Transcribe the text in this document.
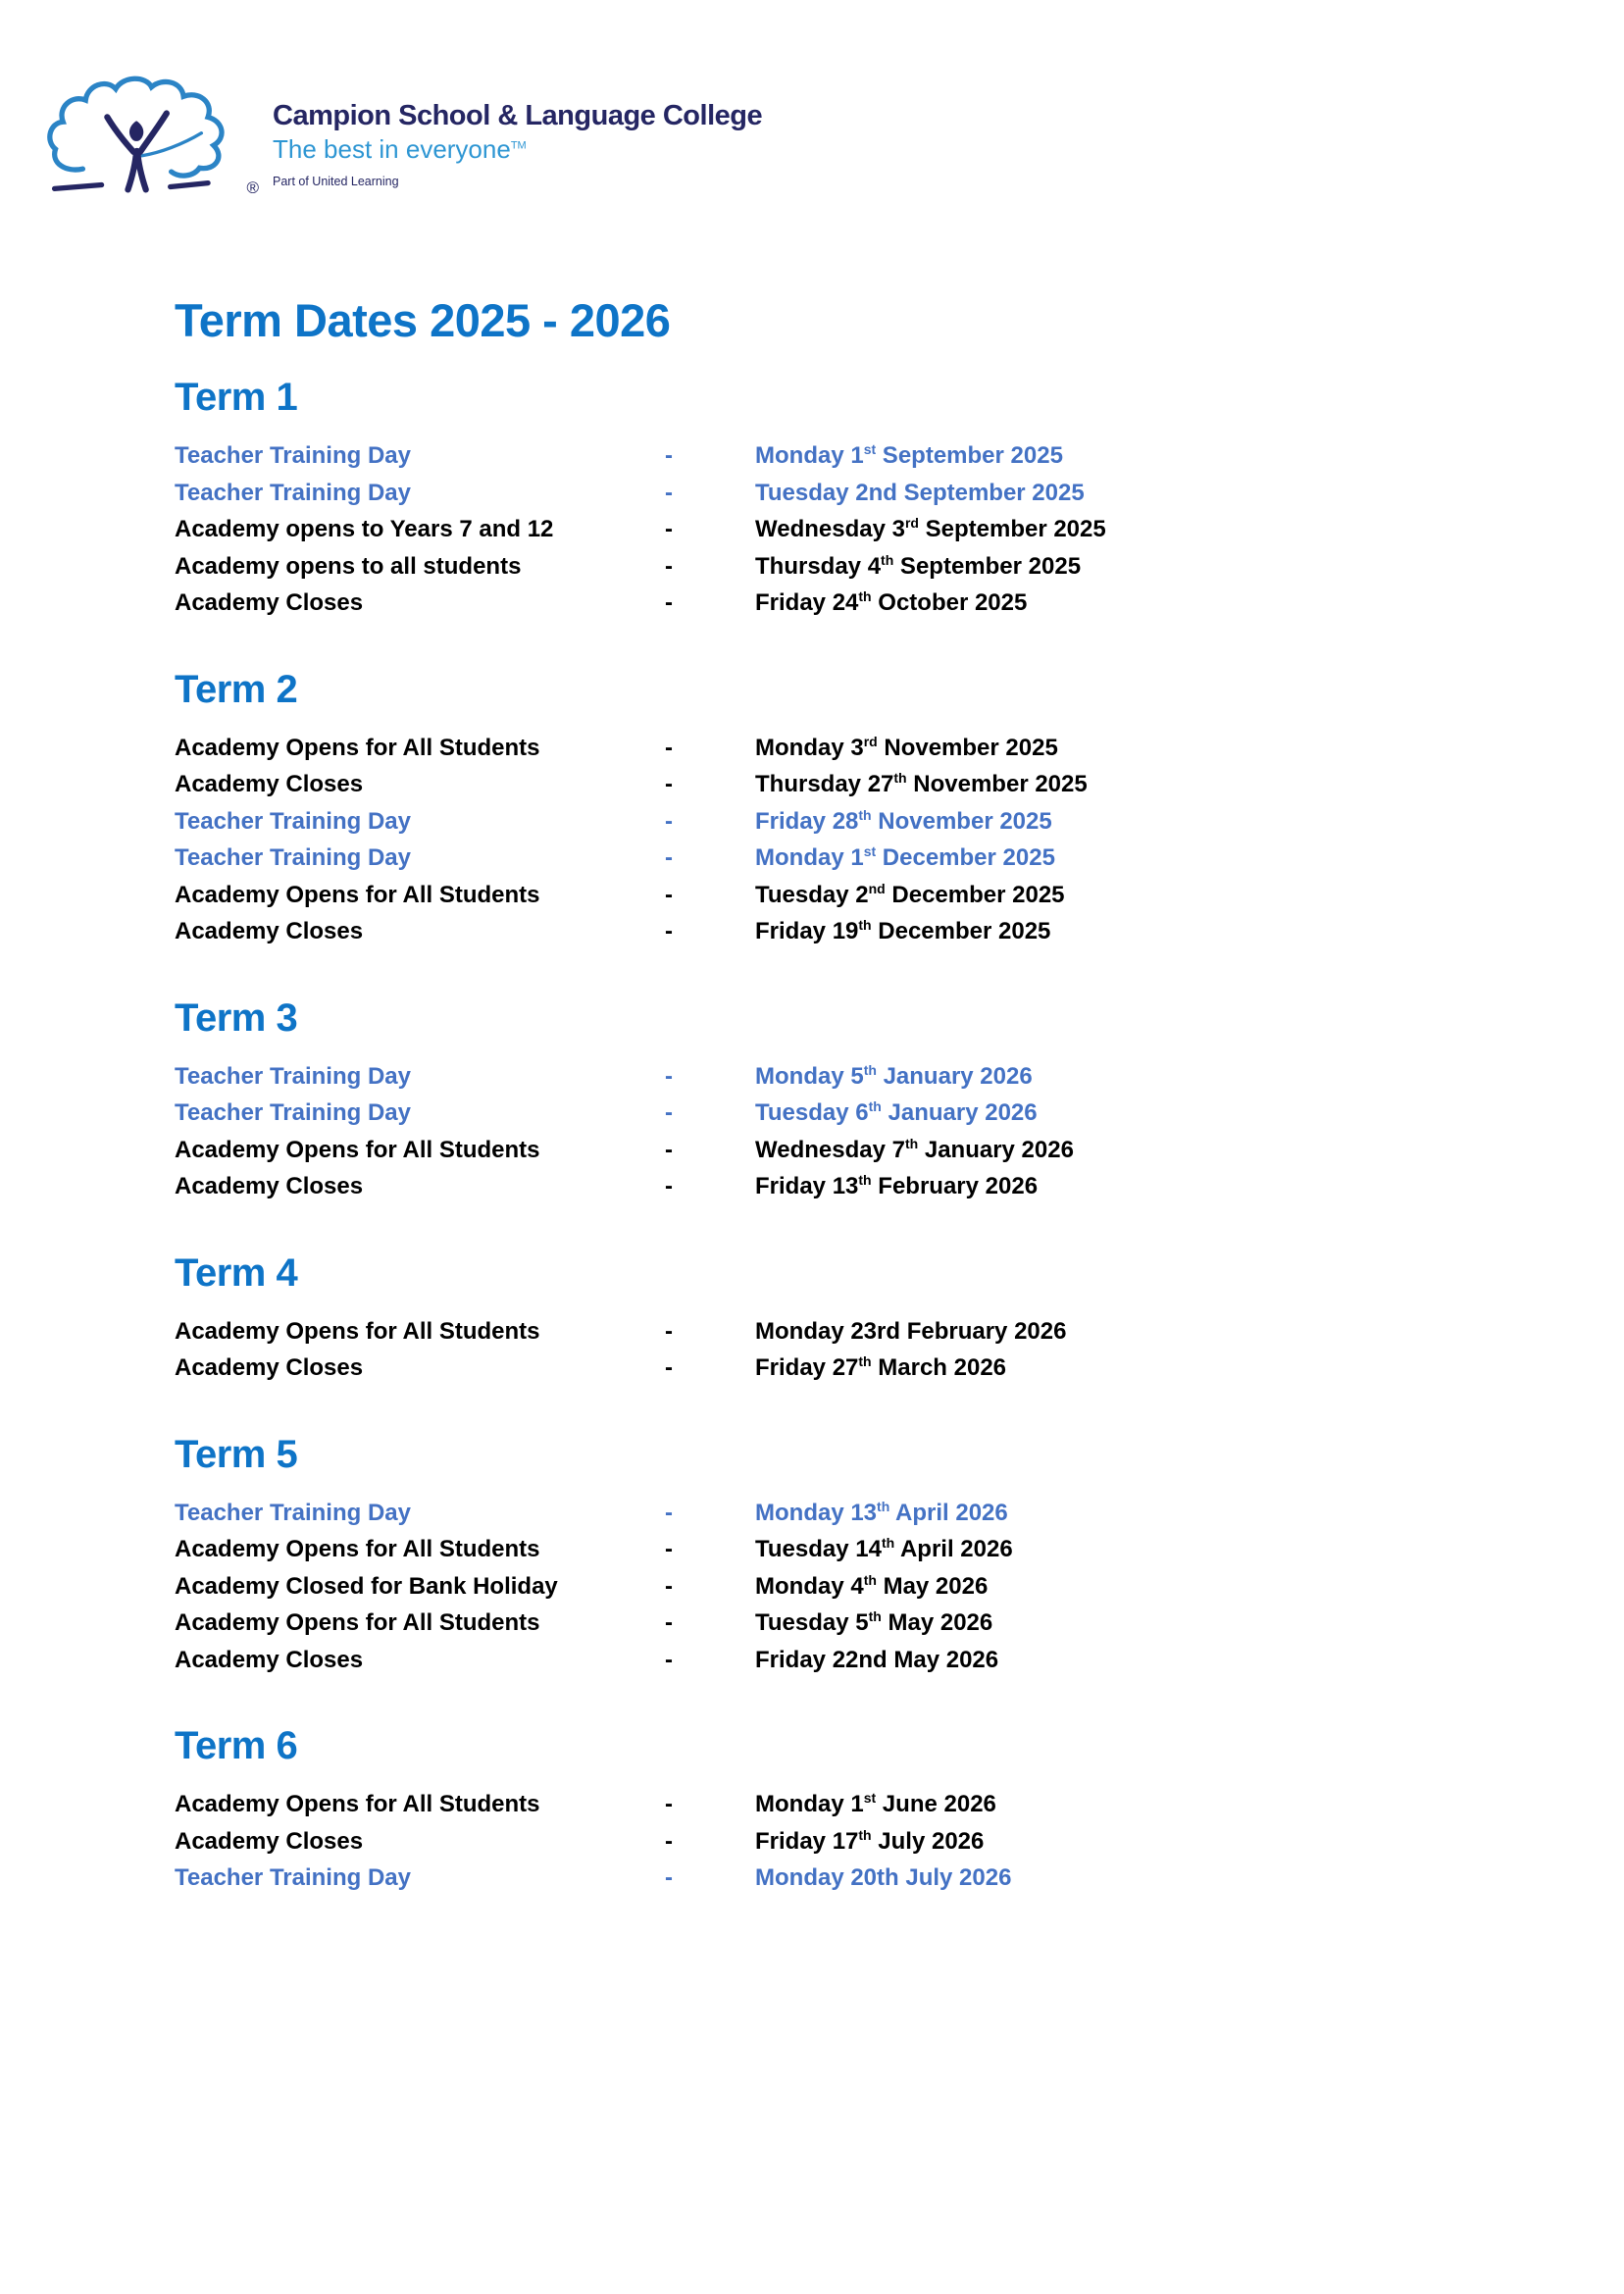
®
Campion School & Language College
The best in everyone™
Part of United Learning
Term Dates 2025 - 2026
Term 1
Teacher Training Day	-	Monday 1st September 2025
Teacher Training Day	-	Tuesday 2nd September 2025
Academy opens to Years 7 and 12	-	Wednesday 3rd September 2025
Academy opens to all students	-	Thursday 4th September 2025
Academy Closes	-	Friday 24th October 2025
Term 2
Academy Opens for All Students	-	Monday 3rd November 2025
Academy Closes	-	Thursday 27th November 2025
Teacher Training Day	-	Friday 28th November 2025
Teacher Training Day	-	Monday 1st December 2025
Academy Opens for All Students	-	Tuesday 2nd December 2025
Academy Closes	-	Friday 19th December 2025
Term 3
Teacher Training Day	-	Monday 5th January 2026
Teacher Training Day	-	Tuesday 6th January 2026
Academy Opens for All Students	-	Wednesday 7th January 2026
Academy Closes	-	Friday 13th February 2026
Term 4
Academy Opens for All Students	-	Monday 23rd February 2026
Academy Closes	-	Friday 27th March 2026
Term 5
Teacher Training Day	-	Monday 13th April 2026
Academy Opens for All Students	-	Tuesday 14th April 2026
Academy Closed for Bank Holiday	-	Monday 4th May 2026
Academy Opens for All Students	-	Tuesday 5th May 2026
Academy Closes	-	Friday 22nd May 2026
Term 6
Academy Opens for All Students	-	Monday 1st June 2026
Academy Closes	-	Friday 17th July 2026
Teacher Training Day	-	Monday 20th July 2026
